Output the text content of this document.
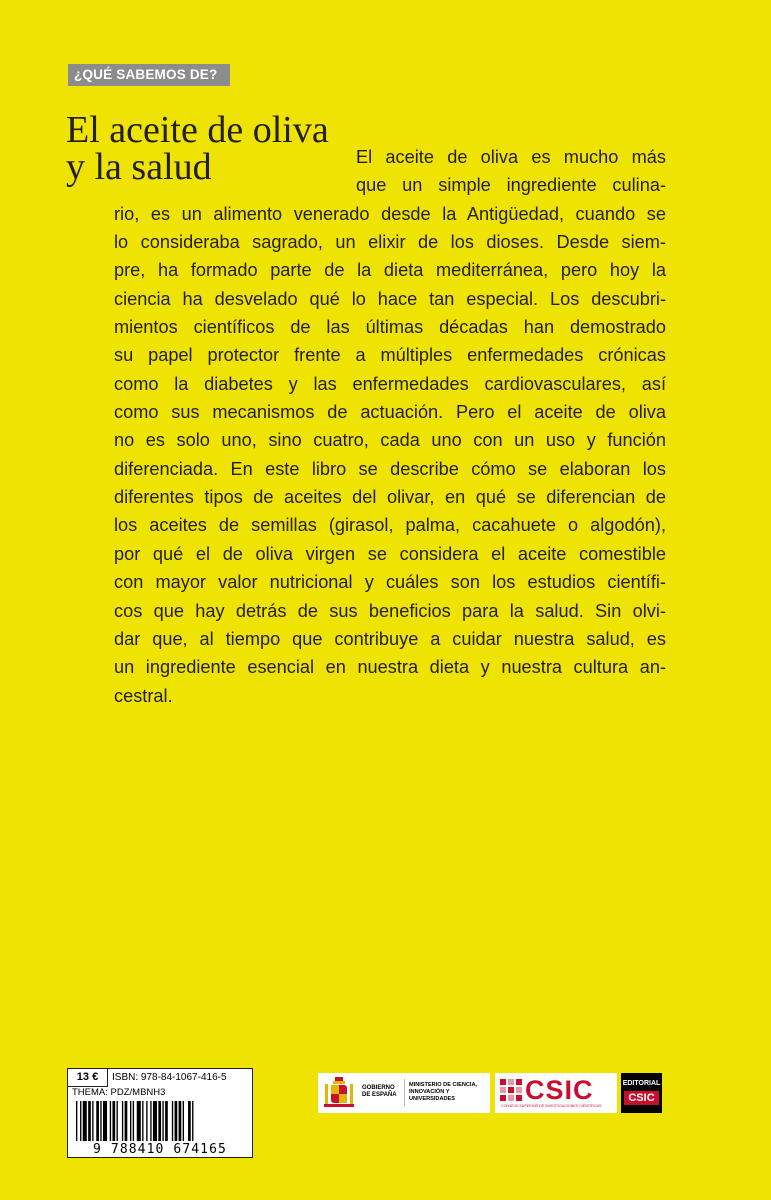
¿QUÉ SABEMOS DE?
El aceite de oliva
y la salud	El aceite de oliva es mucho más
que un simple ingrediente culina-
rio, es un alimento venerado desde la Antigüedad, cuando se
lo consideraba sagrado, un elixir de los dioses. Desde siem-
pre, ha formado parte de la dieta mediterránea, pero hoy la
ciencia ha desvelado qué lo hace tan especial. Los descubri-
mientos científicos de las últimas décadas han demostrado
su papel protector frente a múltiples enfermedades crónicas
como la diabetes y las enfermedades cardiovasculares, así
como sus mecanismos de actuación. Pero el aceite de oliva
no es solo uno, sino cuatro, cada uno con un uso y función
diferenciada. En este libro se describe cómo se elaboran los
diferentes tipos de aceites del olivar, en qué se diferencian de
los aceites de semillas (girasol, palma, cacahuete o algodón),
por qué el de oliva virgen se considera el aceite comestible
con mayor valor nutricional y cuáles son los estudios científi-
cos que hay detrás de sus beneficios para la salud. Sin olvi-
dar que, al tiempo que contribuye a cuidar nuestra salud, es
un ingrediente esencial en nuestra dieta y nuestra cultura an-
cestral.
13 €	ISBN: 978-84-1067-416-5
THEMA: PDZ/MBNH3
9 788410 674165
GOBIERNO DE ESPAÑA
MINISTERIO DE CIENCIA, INNOVACIÓN Y UNIVERSIDADES	CSIC
CONSEJO SUPERIOR DE INVESTIGACIONES CIENTÍFICAS
EDITORIAL
CSIC
